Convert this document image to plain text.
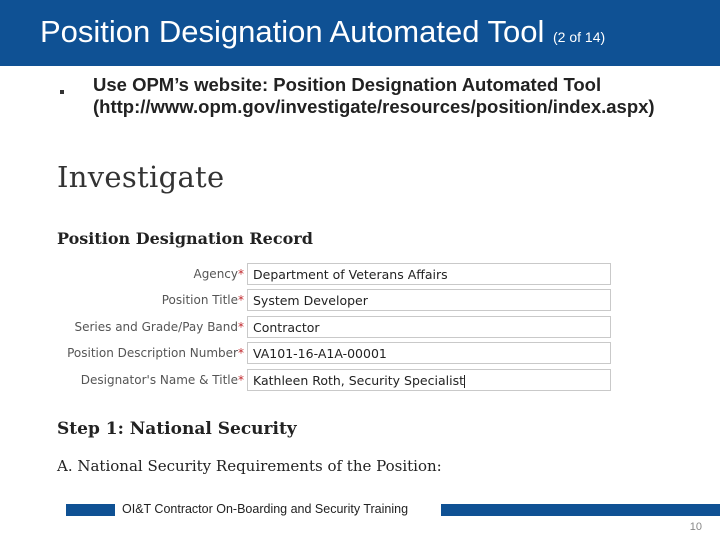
Position Designation Automated Tool (2 of 14)
Use OPM’s website: Position Designation Automated Tool (http://www.opm.gov/investigate/resources/position/index.aspx)
Investigate
Position Designation Record
Agency* Department of Veterans Affairs
Position Title* System Developer
Series and Grade/Pay Band* Contractor
Position Description Number* VA101-16-A1A-00001
Designator's Name & Title* Kathleen Roth, Security Specialist
Step 1: National Security
A. National Security Requirements of the Position:
OI&T Contractor On-Boarding and Security Training
10
